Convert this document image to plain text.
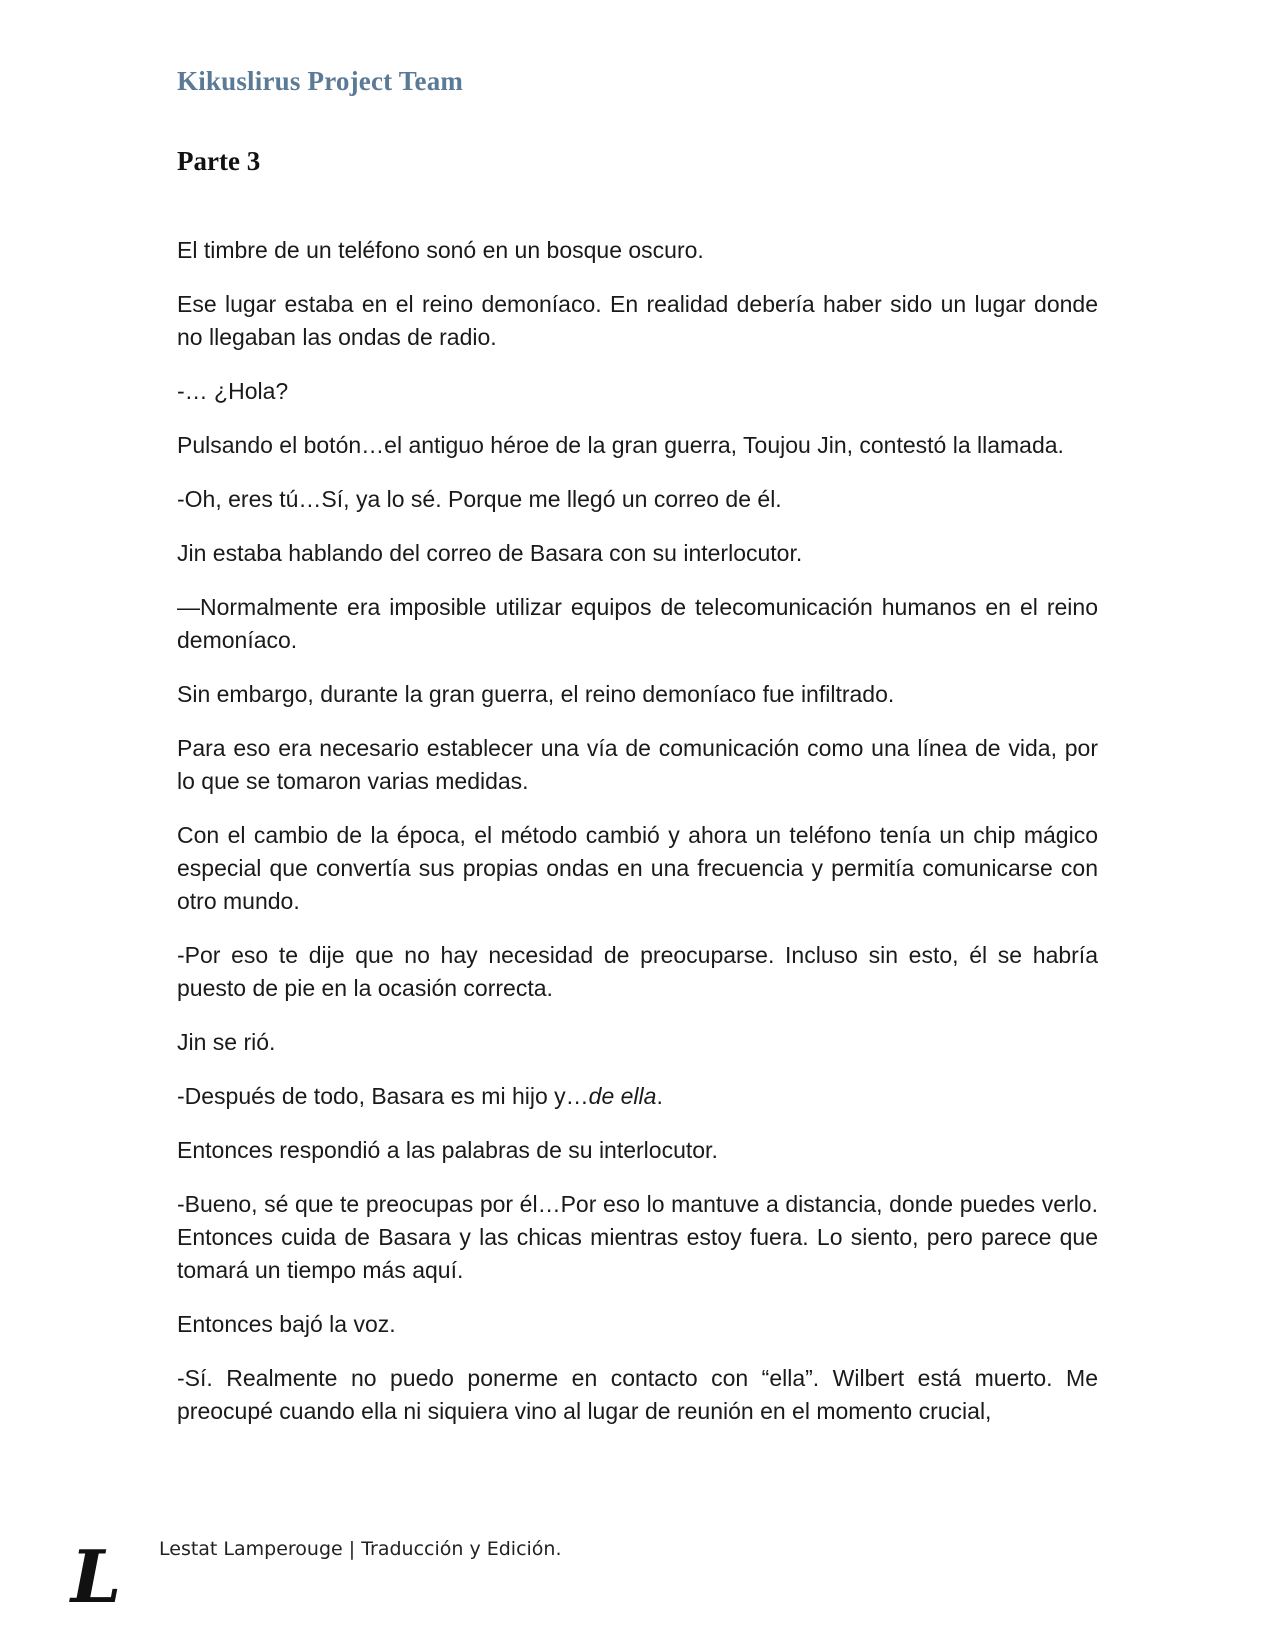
Kikuslirus Project Team
Parte 3

El timbre de un teléfono sonó en un bosque oscuro.

Ese lugar estaba en el reino demoníaco. En realidad debería haber sido un lugar donde no llegaban las ondas de radio.

-… ¿Hola?

Pulsando el botón…el antiguo héroe de la gran guerra, Toujou Jin, contestó la llamada.

-Oh, eres tú…Sí, ya lo sé. Porque me llegó un correo de él.

Jin estaba hablando del correo de Basara con su interlocutor.

—Normalmente era imposible utilizar equipos de telecomunicación humanos en el reino demoníaco.

Sin embargo, durante la gran guerra, el reino demoníaco fue infiltrado.

Para eso era necesario establecer una vía de comunicación como una línea de vida, por lo que se tomaron varias medidas.

Con el cambio de la época, el método cambió y ahora un teléfono tenía un chip mágico especial que convertía sus propias ondas en una frecuencia y permitía comunicarse con otro mundo.

-Por eso te dije que no hay necesidad de preocuparse. Incluso sin esto, él se habría puesto de pie en la ocasión correcta.

Jin se rió.

-Después de todo, Basara es mi hijo y…de ella.

Entonces respondió a las palabras de su interlocutor.

-Bueno, sé que te preocupas por él…Por eso lo mantuve a distancia, donde puedes verlo. Entonces cuida de Basara y las chicas mientras estoy fuera. Lo siento, pero parece que tomará un tiempo más aquí.

Entonces bajó la voz.

-Sí. Realmente no puedo ponerme en contacto con “ella”. Wilbert está muerto. Me preocupé cuando ella ni siquiera vino al lugar de reunión en el momento crucial,

L Lestat Lamperouge | Traducción y Edición.
